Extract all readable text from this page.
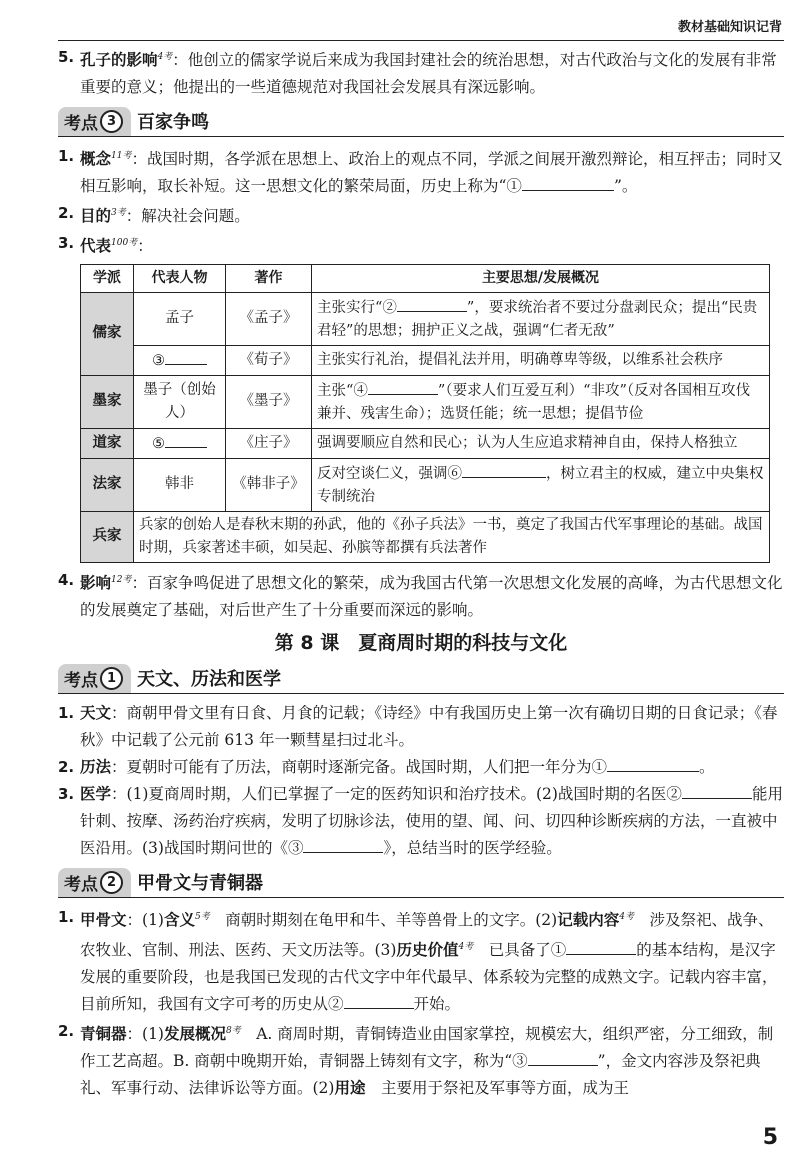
教材基础知识记背

5. 孔子的影响$^{4考}$：他创立的儒家学说后来成为我国封建社会的统治思想，对古代政治与文化的发展有非常重要的意义；他提出的一些道德规范对我国社会发展具有深远影响。

考点 3	百家争鸣

1. 概念$^{11考}$：战国时期，各学派在思想上、政治上的观点不同，学派之间展开激烈辩论，相互抨击；同时又相互影响，取长补短。这一思想文化的繁荣局面，历史上称为“①	”。

2. 目的$^{3考}$：解决社会问题。

3. 代表$^{100考}$：

学派	代表人物	著作	主要思想/发展概况
儒家	孟子	《孟子》	主张实行“② ”，要求统治者不要过分盘剥民众；提出“民贵君轻”的思想；拥护正义之战，强调“仁者无敌”
	③	《荀子》	主张实行礼治，提倡礼法并用，明确尊卑等级，以维系社会秩序
墨家	墨子（创始人）	《墨子》	主张“④ ”（要求人们互爱互利）“非攻”（反对各国相互攻伐兼并、残害生命）；选贤任能；统一思想；提倡节俭
道家	⑤	《庄子》	强调要顺应自然和民心；认为人生应追求精神自由，保持人格独立
法家	韩非	《韩非子》	反对空谈仁义，强调⑥ ，树立君主的权威，建立中央集权专制统治
兵家	兵家的创始人是春秋末期的孙武，他的《孙子兵法》一书，奠定了我国古代军事理论的基础。战国时期，兵家著述丰硕，如吴起、孙膑等都撰有兵法著作		

4. 影响$^{12考}$：百家争鸣促进了思想文化的繁荣，成为我国古代第一次思想文化发展的高峰，为古代思想文化的发展奠定了基础，对后世产生了十分重要而深远的影响。

第 8 课　夏商周时期的科技与文化
考点 1	天文、历法和医学

1. 天文：商朝甲骨文里有日食、月食的记载；《诗经》中有我国历史上第一次有确切日期的日食记录；《春秋》中记载了公元前 613 年一颗彗星扫过北斗。

2. 历法：夏朝时可能有了历法，商朝时逐渐完备。战国时期，人们把一年分为①	。

3. 医学：(1)夏商周时期，人们已掌握了一定的医药知识和治疗技术。(2)战国时期的名医②	能用针刺、按摩、汤药治疗疾病，发明了切脉诊法，使用的望、闻、问、切四种诊断疾病的方法，一直被中医沿用。(3)战国时期问世的《③	》，总结当时的医学经验。

考点 2	甲骨文与青铜器

1. 甲骨文：(1)含义$^{5考}$　商朝时期刻在龟甲和牛、羊等兽骨上的文字。(2)记载内容$^{4考}$　涉及祭祀、战争、农牧业、官制、刑法、医药、天文历法等。(3)历史价值$^{4考}$　已具备了①	的基本结构，是汉字发展的重要阶段，也是我国已发现的古代文字中年代最早、体系较为完整的成熟文字。记载内容丰富，目前所知，我国有文字可考的历史从②	开始。

2. 青铜器：(1)发展概况$^{8考}$　A. 商周时期，青铜铸造业由国家掌控，规模宏大，组织严密，分工细致，制作工艺高超。B. 商朝中晚期开始，青铜器上铸刻有文字，称为“③	”，金文内容涉及祭祀典礼、军事行动、法律诉讼等方面。(2)用途　主要用于祭祀及军事等方面，成为王

5
